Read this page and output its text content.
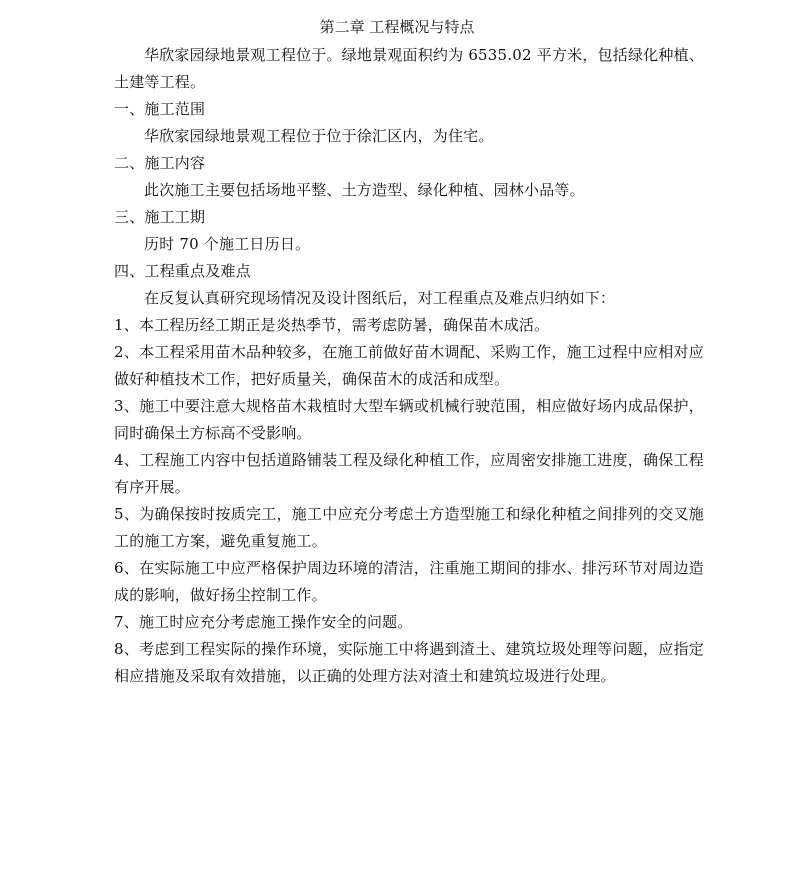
第二章 工程概况与特点

华欣家园绿地景观工程位于。绿地景观面积约为 6535.02 平方米，包括绿化种植、土建等工程。

一、施工范围

华欣家园绿地景观工程位于位于徐汇区内，为住宅。

二、施工内容

此次施工主要包括场地平整、土方造型、绿化种植、园林小品等。

三、施工工期

历时 70 个施工日历日。

四、工程重点及难点

在反复认真研究现场情况及设计图纸后，对工程重点及难点归纳如下：

1、本工程历经工期正是炎热季节，需考虑防暑，确保苗木成活。

2、本工程采用苗木品种较多，在施工前做好苗木调配、采购工作，施工过程中应相对应做好种植技术工作，把好质量关，确保苗木的成活和成型。

3、施工中要注意大规格苗木栽植时大型车辆或机械行驶范围，相应做好场内成品保护，同时确保土方标高不受影响。

4、工程施工内容中包括道路铺装工程及绿化种植工作，应周密安排施工进度，确保工程有序开展。

5、为确保按时按质完工，施工中应充分考虑土方造型施工和绿化种植之间排列的交叉施工的施工方案，避免重复施工。

6、在实际施工中应严格保护周边环境的清洁，注重施工期间的排水、排污环节对周边造成的影响，做好扬尘控制工作。

7、施工时应充分考虑施工操作安全的问题。

8、考虑到工程实际的操作环境，实际施工中将遇到渣土、建筑垃圾处理等问题，应指定相应措施及采取有效措施，以正确的处理方法对渣土和建筑垃圾进行处理。
